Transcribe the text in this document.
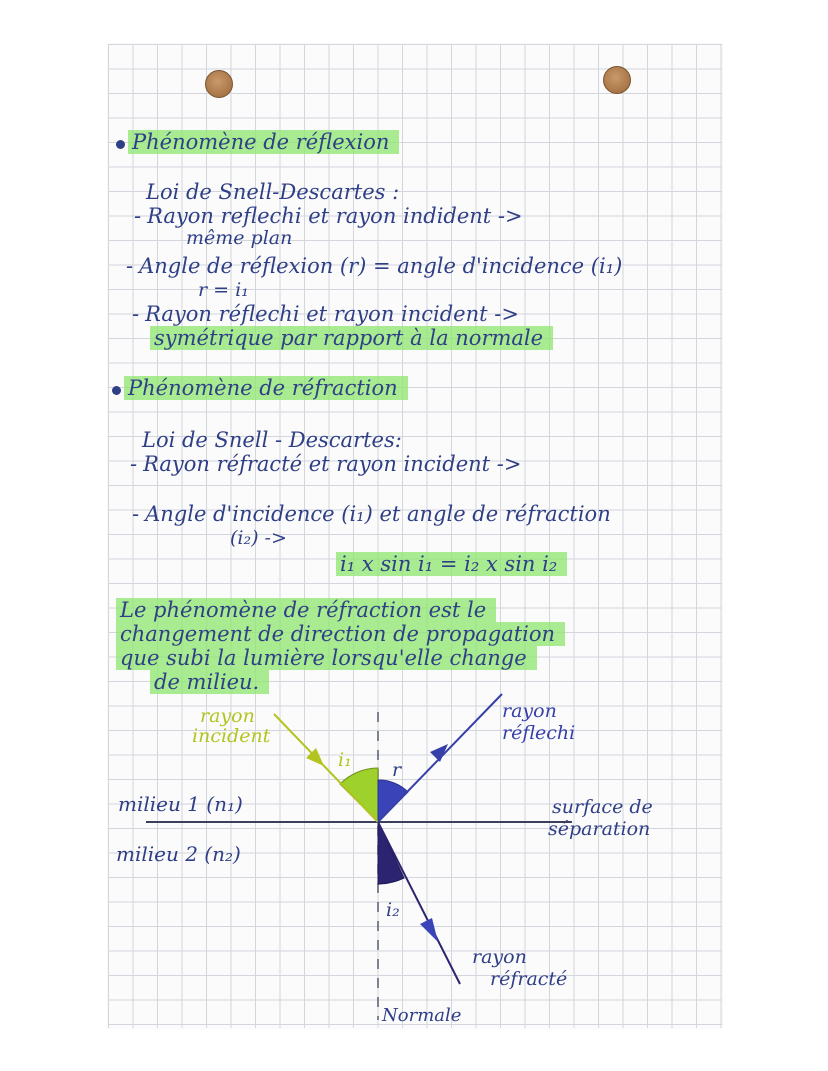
Phénomène de réflexion
Loi de Snell-Descartes :
- Rayon reflechi et rayon indident ->
même plan
- Angle de réflexion (r) = angle d'incidence (i₁)
r = i₁
- Rayon réflechi et rayon incident ->
symétrique par rapport à la normale
Phénomène de réfraction
Loi de Snell - Descartes:
- Rayon réfracté et rayon incident ->
- Angle d'incidence (i₁) et angle de réfraction
(i₂) ->
i₁ x sin i₁ = i₂ x sin i₂
Le phénomène de réfraction est le
changement de direction de propagation
que subi la lumière lorsqu'elle change
de milieu.
rayon
incident
rayon
réflechi
i₁ r
i₂
milieu 1 (n₁)
milieu 2 (n₂)
surface de
séparation
rayon
réfracté
Normale
